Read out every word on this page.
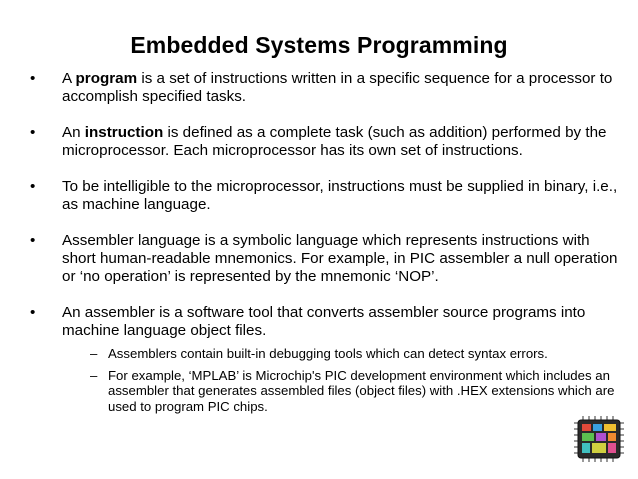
Embedded Systems Programming
• A program is a set of instructions written in a specific sequence for a processor to accomplish specified tasks.
• An instruction is defined as a complete task (such as addition) performed by the microprocessor. Each microprocessor has its own set of instructions.
• To be intelligible to the microprocessor, instructions must be supplied in binary, i.e., as machine language.
• Assembler language is a symbolic language which represents instructions with short human-readable mnemonics. For example, in PIC assembler a null operation or ‘no operation’ is represented by the mnemonic ‘NOP’.
• An assembler is a software tool that converts assembler source programs into machine language object files.
– Assemblers contain built-in debugging tools which can detect syntax errors.
– For example, ‘MPLAB’ is Microchip's PIC development environment which includes an assembler that generates assembled files (object files) with .HEX extensions which are used to program PIC chips.
